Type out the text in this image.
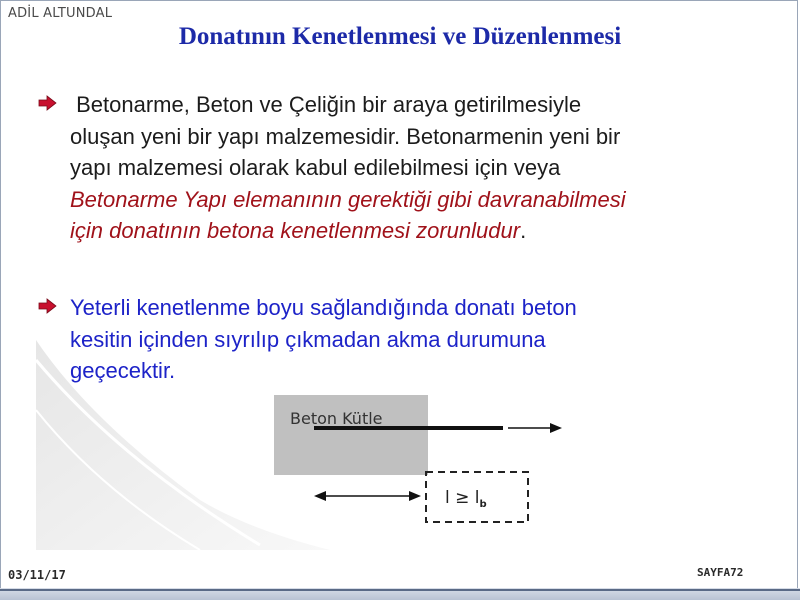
ADİL ALTUNDAL
Donatının Kenetlenmesi ve Düzenlenmesi
Betonarme, Beton ve Çeliğin bir araya getirilmesiyle
oluşan yeni bir yapı malzemesidir. Betonarmenin yeni bir
yapı malzemesi olarak kabul edilebilmesi için veya
Betonarme Yapı elemanının gerektiği gibi davranabilmesi
için donatının betona kenetlenmesi zorunludur.
Yeterli kenetlenme boyu sağlandığında donatı beton
kesitin içinden sıyrılıp çıkmadan akma durumuna
geçecektir.
Beton Kütle
$l \ge l_b$
03/11/17	SAYFA72
